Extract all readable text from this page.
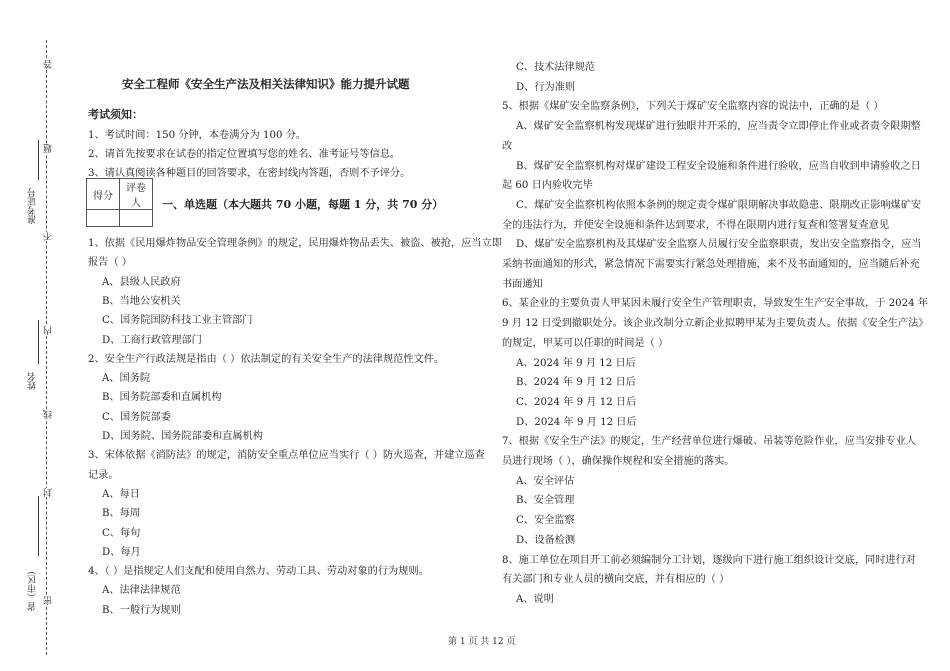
准考证号
姓名
省（市区）
答
题
不
内
线
封
密
安全工程师《安全生产法及相关法律知识》能力提升试题
考试须知：
1、考试时间：150 分钟，本卷满分为 100 分。
2、请首先按要求在试卷的指定位置填写您的姓名、准考证号等信息。
3、请认真阅读各种题目的回答要求，在密封线内答题，否则不予评分。
得分	评卷人
	一、单选题（本大题共 70 小题，每题 1 分，共 70 分）
1、依据《民用爆炸物品安全管理条例》的规定，民用爆炸物品丢失、被盗、被抢，应当立即
报告（ ）
A、县级人民政府
B、当地公安机关
C、国务院国防科技工业主管部门
D、工商行政管理部门
2、安全生产行政法规是指由（ ）依法制定的有关安全生产的法律规范性文件。
A、国务院
B、国务院部委和直属机构
C、国务院部委
D、国务院、国务院部委和直属机构
3、宋体依据《消防法》的规定，消防安全重点单位应当实行（ ）防火巡查，并建立巡查
记录。
A、每日
B、每周
C、每旬
D、每月
4、（ ）是指规定人们支配和使用自然力、劳动工具、劳动对象的行为规则。
A、法律法律规范
B、一般行为规则
C、技术法律规范
D、行为准则
5、根据《煤矿安全监察条例》，下列关于煤矿安全监察内容的说法中，正确的是（ ）
A、煤矿安全监察机构发现煤矿进行独眼井开采的，应当责令立即停止作业或者责令限期整
改
B、煤矿安全监察机构对煤矿建设工程安全设施和条件进行验收，应当自收到申请验收之日
起 60 日内验收完毕
C、煤矿安全监察机构依照本条例的规定责令煤矿限期解决事故隐患、限期改正影响煤矿安
全的违法行为，并使安全设施和条件达到要求，不得在限期内进行复查和签署复查意见
D、煤矿安全监察机构及其煤矿安全监察人员履行安全监察职责，发出安全监察指令，应当
采纳书面通知的形式，紧急情况下需要实行紧急处理措施，来不及书面通知的，应当随后补充
书面通知
6、某企业的主要负责人甲某因未履行安全生产管理职责，导致发生生产安全事故，于 2024 年
9 月 12 日受到撤职处分。该企业改制分立新企业拟聘甲某为主要负责人。依据《安全生产法》
的规定，甲某可以任职的时间是（ ）
A、2024 年 9 月 12 日后
B、2024 年 9 月 12 日后
C、2024 年 9 月 12 日后
D、2024 年 9 月 12 日后
7、根据《安全生产法》的规定，生产经营单位进行爆破、吊装等危险作业，应当安排专业人
员进行现场（ ），确保操作规程和安全措施的落实。
A、安全评估
B、安全管理
C、安全监察
D、设备检测
8、施工单位在项目开工前必须编制分工计划，逐级向下进行施工组织设计交底，同时进行对
有关部门和专业人员的横向交底，并有相应的（ ）
A、说明
第 1 页 共 12 页
